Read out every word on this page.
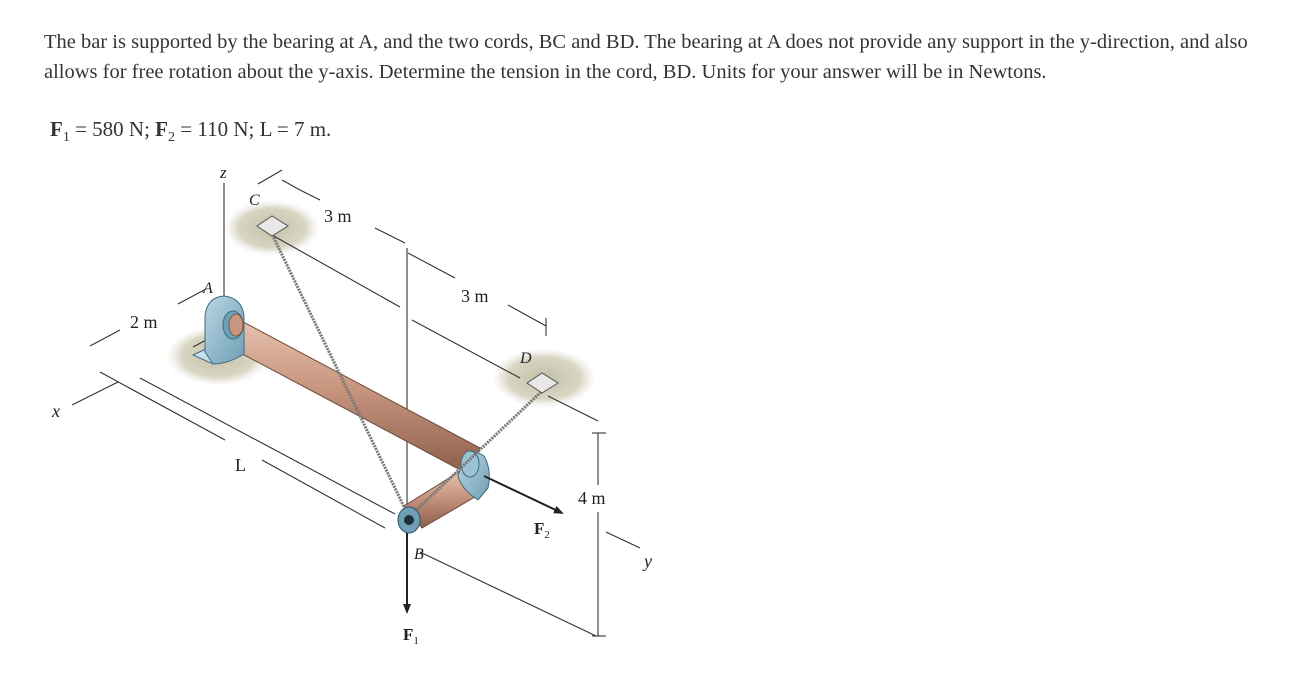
The bar is supported by the bearing at A, and the two cords, BC and BD. The bearing at A does not provide any support in the y-direction, and also allows for free rotation about the y-axis. Determine the tension in the cord, BD. Units for your answer will be in Newtons.

$F_1 = 580$ N; $F_2 = 110$ N; L = 7 m.
z
x
y
A
B
C
D
3 m
3 m
2 m
L
4 m
$F_1$
$F_2$
